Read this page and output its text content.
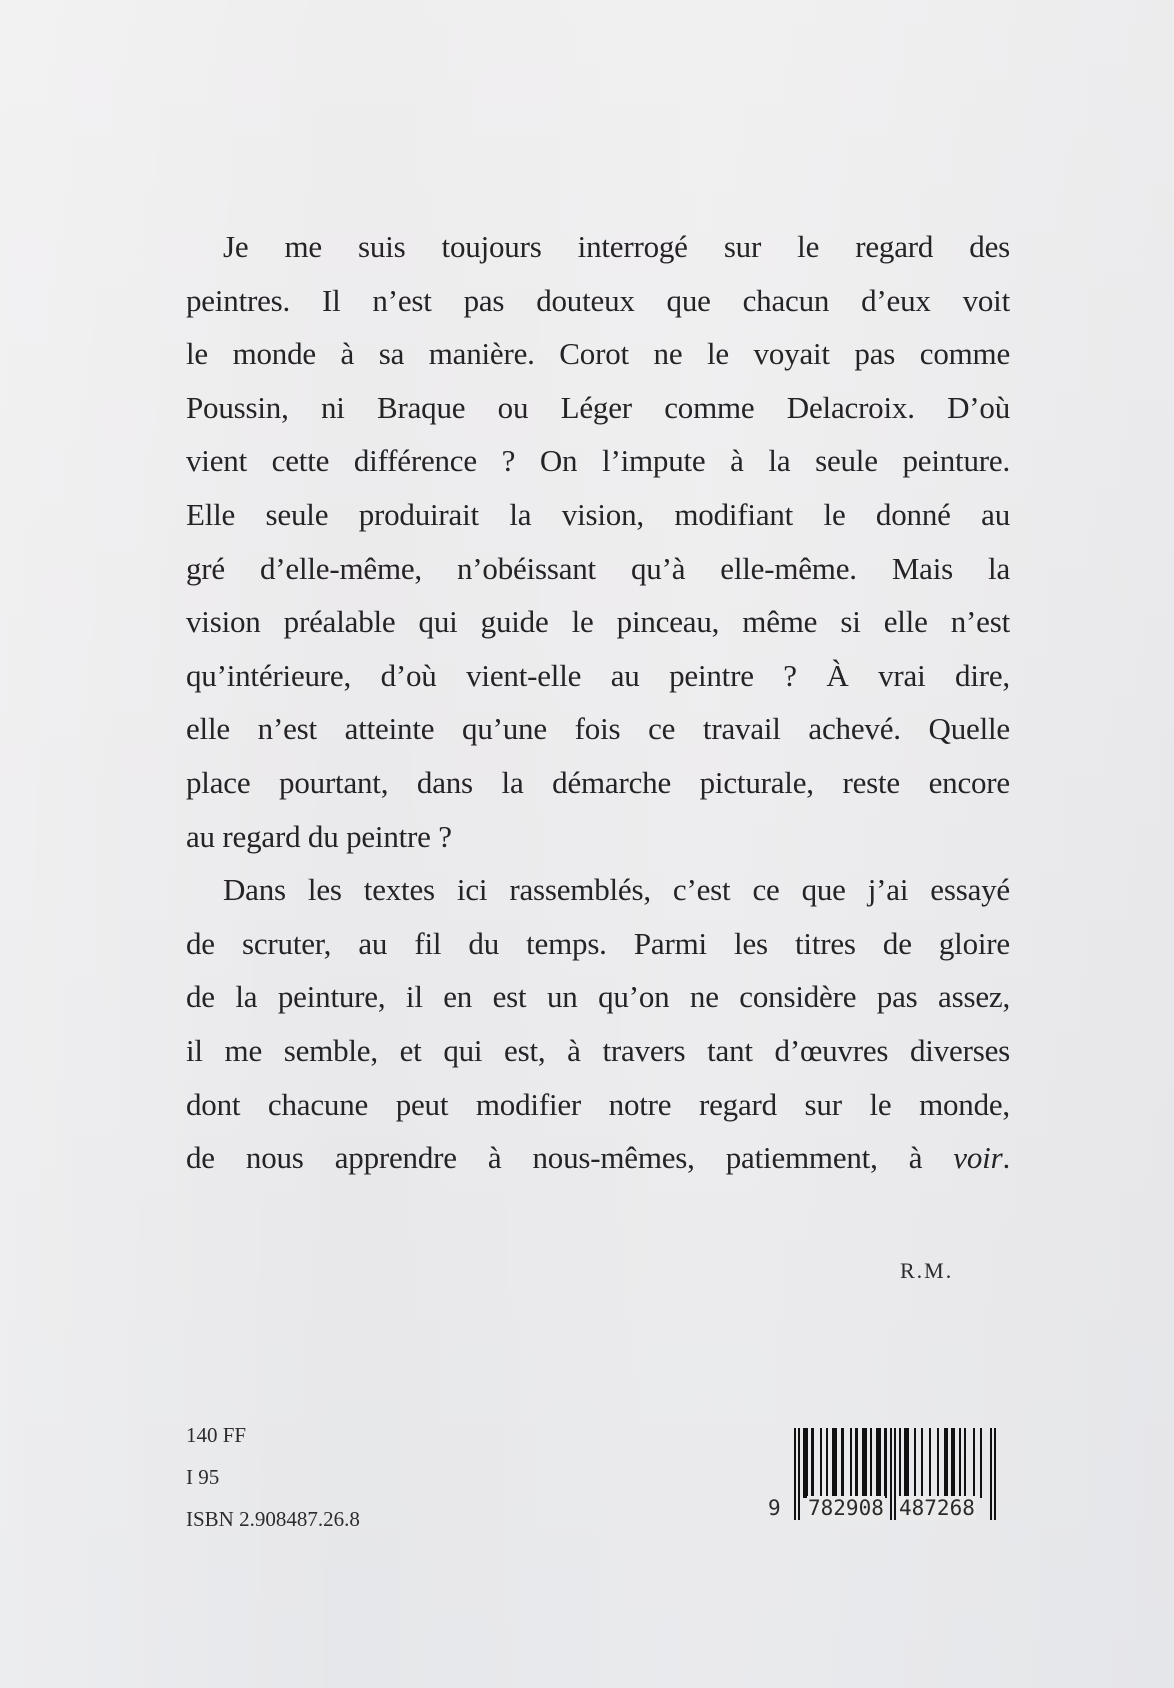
Je me suis toujours interrogé sur le regard des
peintres. Il n’est pas douteux que chacun d’eux voit
le monde à sa manière. Corot ne le voyait pas comme
Poussin, ni Braque ou Léger comme Delacroix. D’où
vient cette différence ? On l’impute à la seule peinture.
Elle seule produirait la vision, modifiant le donné au
gré d’elle-même, n’obéissant qu’à elle-même. Mais la
vision préalable qui guide le pinceau, même si elle n’est
qu’intérieure, d’où vient-elle au peintre ? À vrai dire,
elle n’est atteinte qu’une fois ce travail achevé. Quelle
place pourtant, dans la démarche picturale, reste encore
au regard du peintre ?
Dans les textes ici rassemblés, c’est ce que j’ai essayé
de scruter, au fil du temps. Parmi les titres de gloire
de la peinture, il en est un qu’on ne considère pas assez,
il me semble, et qui est, à travers tant d’œuvres diverses
dont chacune peut modifier notre regard sur le monde,
de nous apprendre à nous-mêmes, patiemment, à voir.
R.M.
140 FF
I 95
ISBN 2.908487.26.8	9 782908 487268
